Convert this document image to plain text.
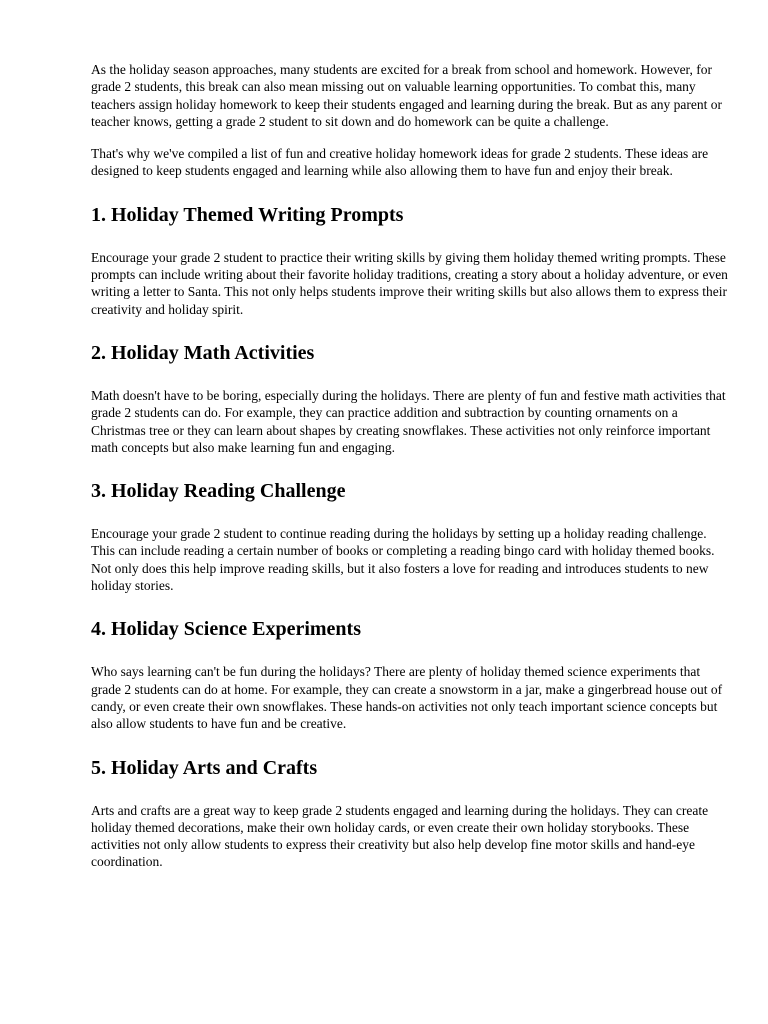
As the holiday season approaches, many students are excited for a break from school and homework. However, for grade 2 students, this break can also mean missing out on valuable learning opportunities. To combat this, many teachers assign holiday homework to keep their students engaged and learning during the break. But as any parent or teacher knows, getting a grade 2 student to sit down and do homework can be quite a challenge.

That's why we've compiled a list of fun and creative holiday homework ideas for grade 2 students. These ideas are designed to keep students engaged and learning while also allowing them to have fun and enjoy their break.

1. Holiday Themed Writing Prompts

Encourage your grade 2 student to practice their writing skills by giving them holiday themed writing prompts. These prompts can include writing about their favorite holiday traditions, creating a story about a holiday adventure, or even writing a letter to Santa. This not only helps students improve their writing skills but also allows them to express their creativity and holiday spirit.

2. Holiday Math Activities

Math doesn't have to be boring, especially during the holidays. There are plenty of fun and festive math activities that grade 2 students can do. For example, they can practice addition and subtraction by counting ornaments on a Christmas tree or they can learn about shapes by creating snowflakes. These activities not only reinforce important math concepts but also make learning fun and engaging.

3. Holiday Reading Challenge

Encourage your grade 2 student to continue reading during the holidays by setting up a holiday reading challenge. This can include reading a certain number of books or completing a reading bingo card with holiday themed books. Not only does this help improve reading skills, but it also fosters a love for reading and introduces students to new holiday stories.

4. Holiday Science Experiments

Who says learning can't be fun during the holidays? There are plenty of holiday themed science experiments that grade 2 students can do at home. For example, they can create a snowstorm in a jar, make a gingerbread house out of candy, or even create their own snowflakes. These hands-on activities not only teach important science concepts but also allow students to have fun and be creative.

5. Holiday Arts and Crafts

Arts and crafts are a great way to keep grade 2 students engaged and learning during the holidays. They can create holiday themed decorations, make their own holiday cards, or even create their own holiday storybooks. These activities not only allow students to express their creativity but also help develop fine motor skills and hand-eye coordination.
